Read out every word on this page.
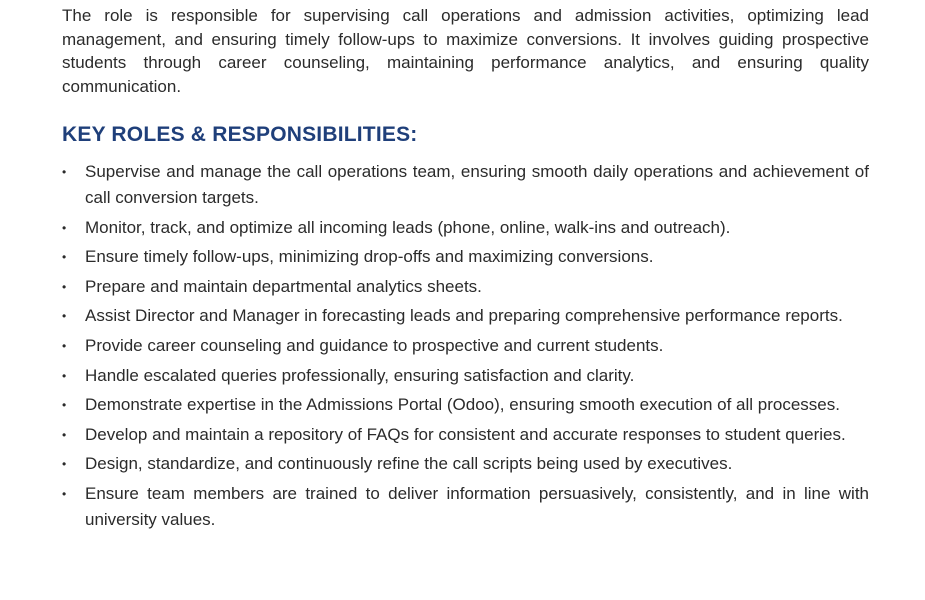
The role is responsible for supervising call operations and admission activities, optimizing lead management, and ensuring timely follow-ups to maximize conversions. It involves guiding prospective students through career counseling, maintaining performance analytics, and ensuring quality communication.

KEY ROLES & RESPONSIBILITIES:
•	Supervise and manage the call operations team, ensuring smooth daily operations and achievement of call conversion targets.
•	Monitor, track, and optimize all incoming leads (phone, online, walk-ins and outreach).
•	Ensure timely follow-ups, minimizing drop-offs and maximizing conversions.
•	Prepare and maintain departmental analytics sheets.
•	Assist Director and Manager in forecasting leads and preparing comprehensive performance reports.
•	Provide career counseling and guidance to prospective and current students.
•	Handle escalated queries professionally, ensuring satisfaction and clarity.
•	Demonstrate expertise in the Admissions Portal (Odoo), ensuring smooth execution of all processes.
•	Develop and maintain a repository of FAQs for consistent and accurate responses to student queries.
•	Design, standardize, and continuously refine the call scripts being used by executives.
•	Ensure team members are trained to deliver information persuasively, consistently, and in line with university values.
